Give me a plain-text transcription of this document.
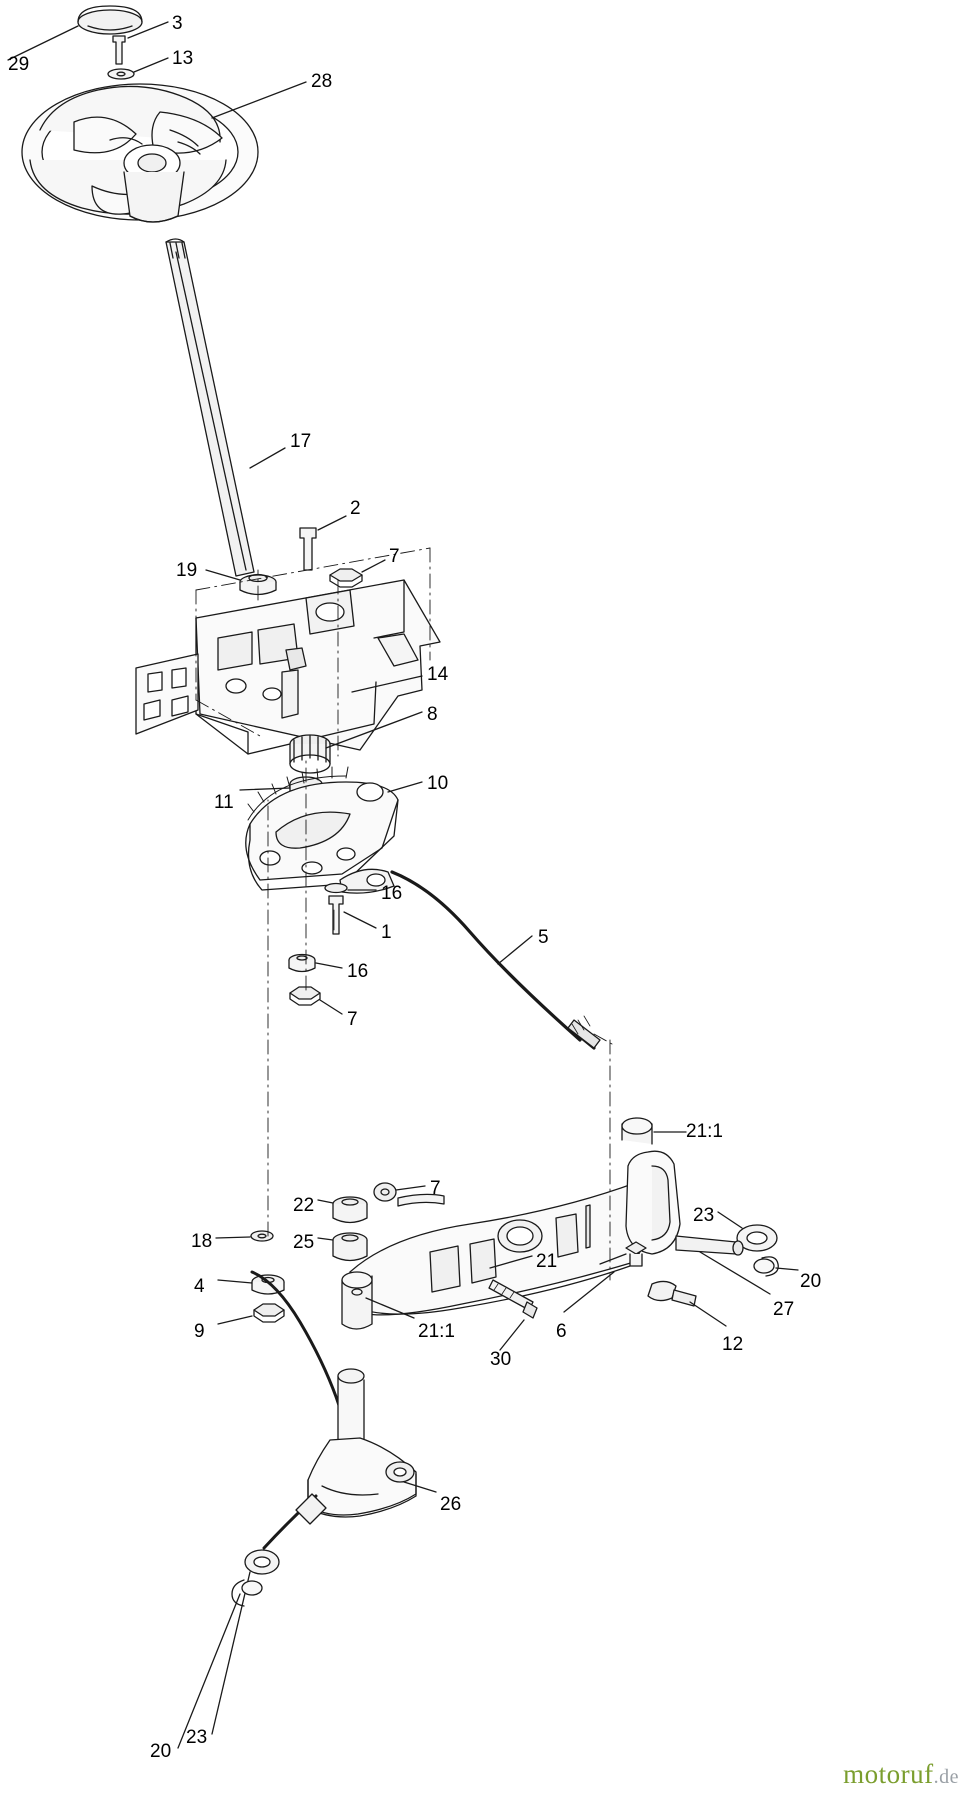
29
3
13
28
17
2
7
19
14
8
10
11
16
1	5
16
7
21:1
7
22	23
25
21
18
20
4
27
9	21:1	6
12
30
26
23
20
motoruf.de
